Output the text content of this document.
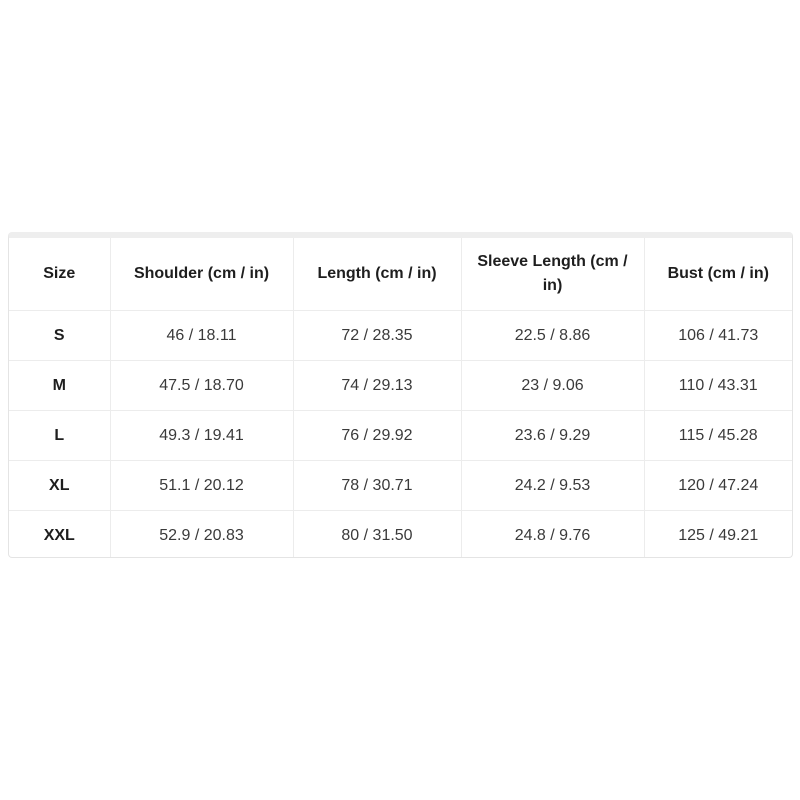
Size	Shoulder (cm / in)	Length (cm / in)	Sleeve Length (cm / in)	Bust (cm / in)
S	46 / 18.11	72 / 28.35	22.5 / 8.86	106 / 41.73
M	47.5 / 18.70	74 / 29.13	23 / 9.06	110 / 43.31
L	49.3 / 19.41	76 / 29.92	23.6 / 9.29	115 / 45.28
XL	51.1 / 20.12	78 / 30.71	24.2 / 9.53	120 / 47.24
XXL	52.9 / 20.83	80 / 31.50	24.8 / 9.76	125 / 49.21
